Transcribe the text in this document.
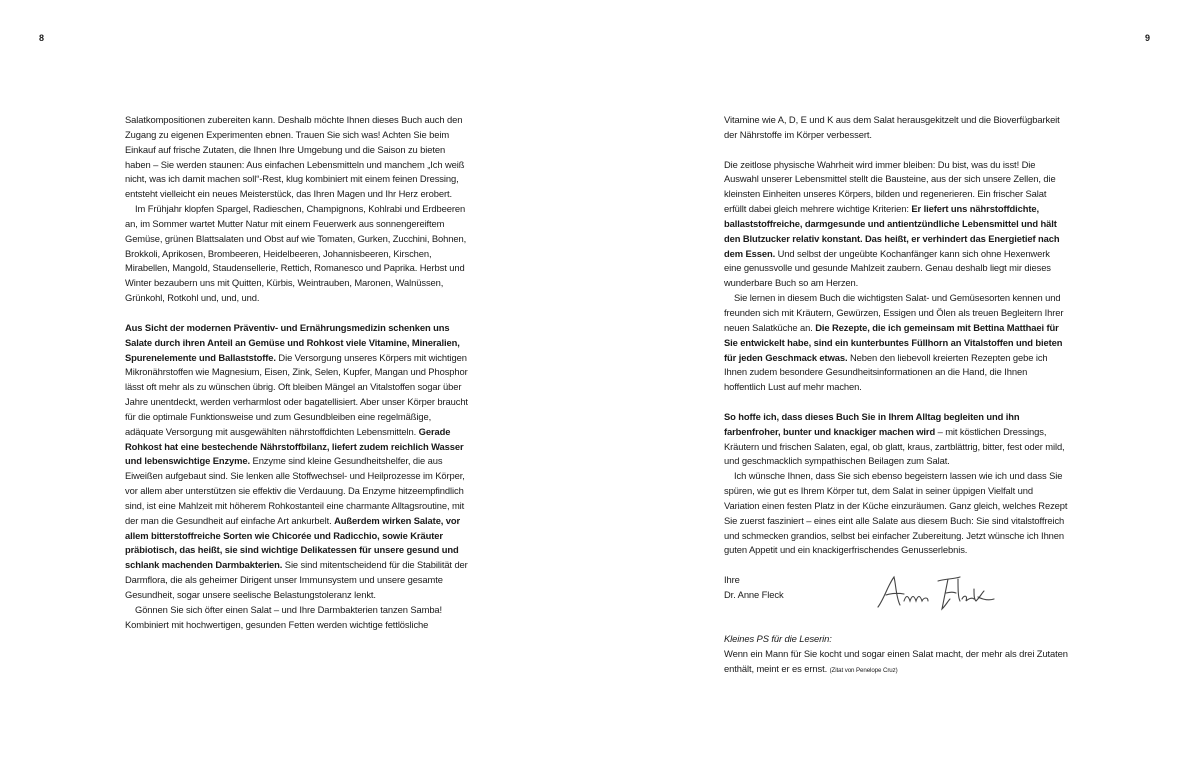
8	9

Salatkompositionen zubereiten kann. Deshalb möchte Ihnen dieses Buch auch den Zugang zu eigenen Experimenten ebnen. Trauen Sie sich was! Achten Sie beim Einkauf auf frische Zutaten, die Ihnen Ihre Umgebung und die Saison zu bieten haben – Sie werden staunen: Aus einfachen Lebensmitteln und manchem „Ich weiß nicht, was ich damit machen soll“-Rest, klug kombiniert mit einem feinen Dressing, entsteht vielleicht ein neues Meisterstück, das Ihren Magen und Ihr Herz erobert.

Im Frühjahr klopfen Spargel, Radieschen, Champignons, Kohlrabi und Erdbeeren an, im Sommer wartet Mutter Natur mit einem Feuerwerk aus sonnengereiftem Gemüse, grünen Blattsalaten und Obst auf wie Tomaten, Gurken, Zucchini, Bohnen, Brokkoli, Aprikosen, Brombeeren, Heidelbeeren, Johannisbeeren, Kirschen, Mirabellen, Mangold, Staudensellerie, Rettich, Romanesco und Paprika. Herbst und Winter bezaubern uns mit Quitten, Kürbis, Weintrauben, Maronen, Walnüssen, Grünkohl, Rotkohl und, und, und.

Aus Sicht der modernen Präventiv- und Ernährungsmedizin schenken uns Salate durch ihren Anteil an Gemüse und Rohkost viele Vitamine, Mineralien, Spurenelemente und Ballaststoffe. Die Versorgung unseres Körpers mit wichtigen Mikronährstoffen wie Magnesium, Eisen, Zink, Selen, Kupfer, Mangan und Phosphor lässt oft mehr als zu wünschen übrig. Oft bleiben Mängel an Vitalstoffen sogar über Jahre unentdeckt, werden verharmlost oder bagatellisiert. Aber unser Körper braucht für die optimale Funktionsweise und zum Gesundbleiben eine regelmäßige, adäquate Versorgung mit ausgewählten nährstoffdichten Lebensmitteln. Gerade Rohkost hat eine bestechende Nährstoffbilanz, liefert zudem reichlich Wasser und lebenswichtige Enzyme. Enzyme sind kleine Gesundheitshelfer, die aus Eiweißen aufgebaut sind. Sie lenken alle Stoffwechsel- und Heilprozesse im Körper, vor allem aber unterstützen sie effektiv die Verdauung. Da Enzyme hitzeempfindlich sind, ist eine Mahlzeit mit höherem Rohkostanteil eine charmante Alltagsroutine, mit der man die Gesundheit auf einfache Art ankurbelt. Außerdem wirken Salate, vor allem bitterstoffreiche Sorten wie Chicorée und Radicchio, sowie Kräuter präbiotisch, das heißt, sie sind wichtige Delikatessen für unsere gesund und schlank machenden Darmbakterien. Sie sind mitentscheidend für die Stabilität der Darmflora, die als geheimer Dirigent unser Immunsystem und unsere gesamte Gesundheit, sogar unsere seelische Belastungstoleranz lenkt.

Gönnen Sie sich öfter einen Salat – und Ihre Darmbakterien tanzen Samba! Kombiniert mit hochwertigen, gesunden Fetten werden wichtige fettlösliche

Vitamine wie A, D, E und K aus dem Salat herausgekitzelt und die Bioverfügbarkeit der Nährstoffe im Körper verbessert.

Die zeitlose physische Wahrheit wird immer bleiben: Du bist, was du isst! Die Auswahl unserer Lebensmittel stellt die Bausteine, aus der sich unsere Zellen, die kleinsten Einheiten unseres Körpers, bilden und regenerieren. Ein frischer Salat erfüllt dabei gleich mehrere wichtige Kriterien: Er liefert uns nährstoffdichte, ballaststoffreiche, darmgesunde und antientzündliche Lebensmittel und hält den Blutzucker relativ konstant. Das heißt, er verhindert das Energietief nach dem Essen. Und selbst der ungeübte Kochanfänger kann sich ohne Hexenwerk eine genussvolle und gesunde Mahlzeit zaubern. Genau deshalb liegt mir dieses wunderbare Buch so am Herzen.

Sie lernen in diesem Buch die wichtigsten Salat- und Gemüsesorten kennen und freunden sich mit Kräutern, Gewürzen, Essigen und Ölen als treuen Begleitern Ihrer neuen Salatküche an. Die Rezepte, die ich gemeinsam mit Bettina Matthaei für Sie entwickelt habe, sind ein kunterbuntes Füllhorn an Vitalstoffen und bieten für jeden Geschmack etwas. Neben den liebevoll kreierten Rezepten gebe ich Ihnen zudem besondere Gesundheitsinformationen an die Hand, die Ihnen hoffentlich Lust auf mehr machen.

So hoffe ich, dass dieses Buch Sie in Ihrem Alltag begleiten und ihn farbenfroher, bunter und knackiger machen wird – mit köstlichen Dressings, Kräutern und frischen Salaten, egal, ob glatt, kraus, zartblättrig, bitter, fest oder mild, und geschmacklich sympathischen Beilagen zum Salat.

Ich wünsche Ihnen, dass Sie sich ebenso begeistern lassen wie ich und dass Sie spüren, wie gut es Ihrem Körper tut, dem Salat in seiner üppigen Vielfalt und Variation einen festen Platz in der Küche einzuräumen. Ganz gleich, welches Rezept Sie zuerst fasziniert – eines eint alle Salate aus diesem Buch: Sie sind vitalstoffreich und schmecken grandios, selbst bei einfacher Zubereitung. Jetzt wünsche ich Ihnen guten Appetit und ein knackigerfrischendes Genusserlebnis.

Ihre

Dr. Anne Fleck

Kleines PS für die Leserin:

Wenn ein Mann für Sie kocht und sogar einen Salat macht, der mehr als drei Zutaten enthält, meint er es ernst. (Zitat von Penelope Cruz)
